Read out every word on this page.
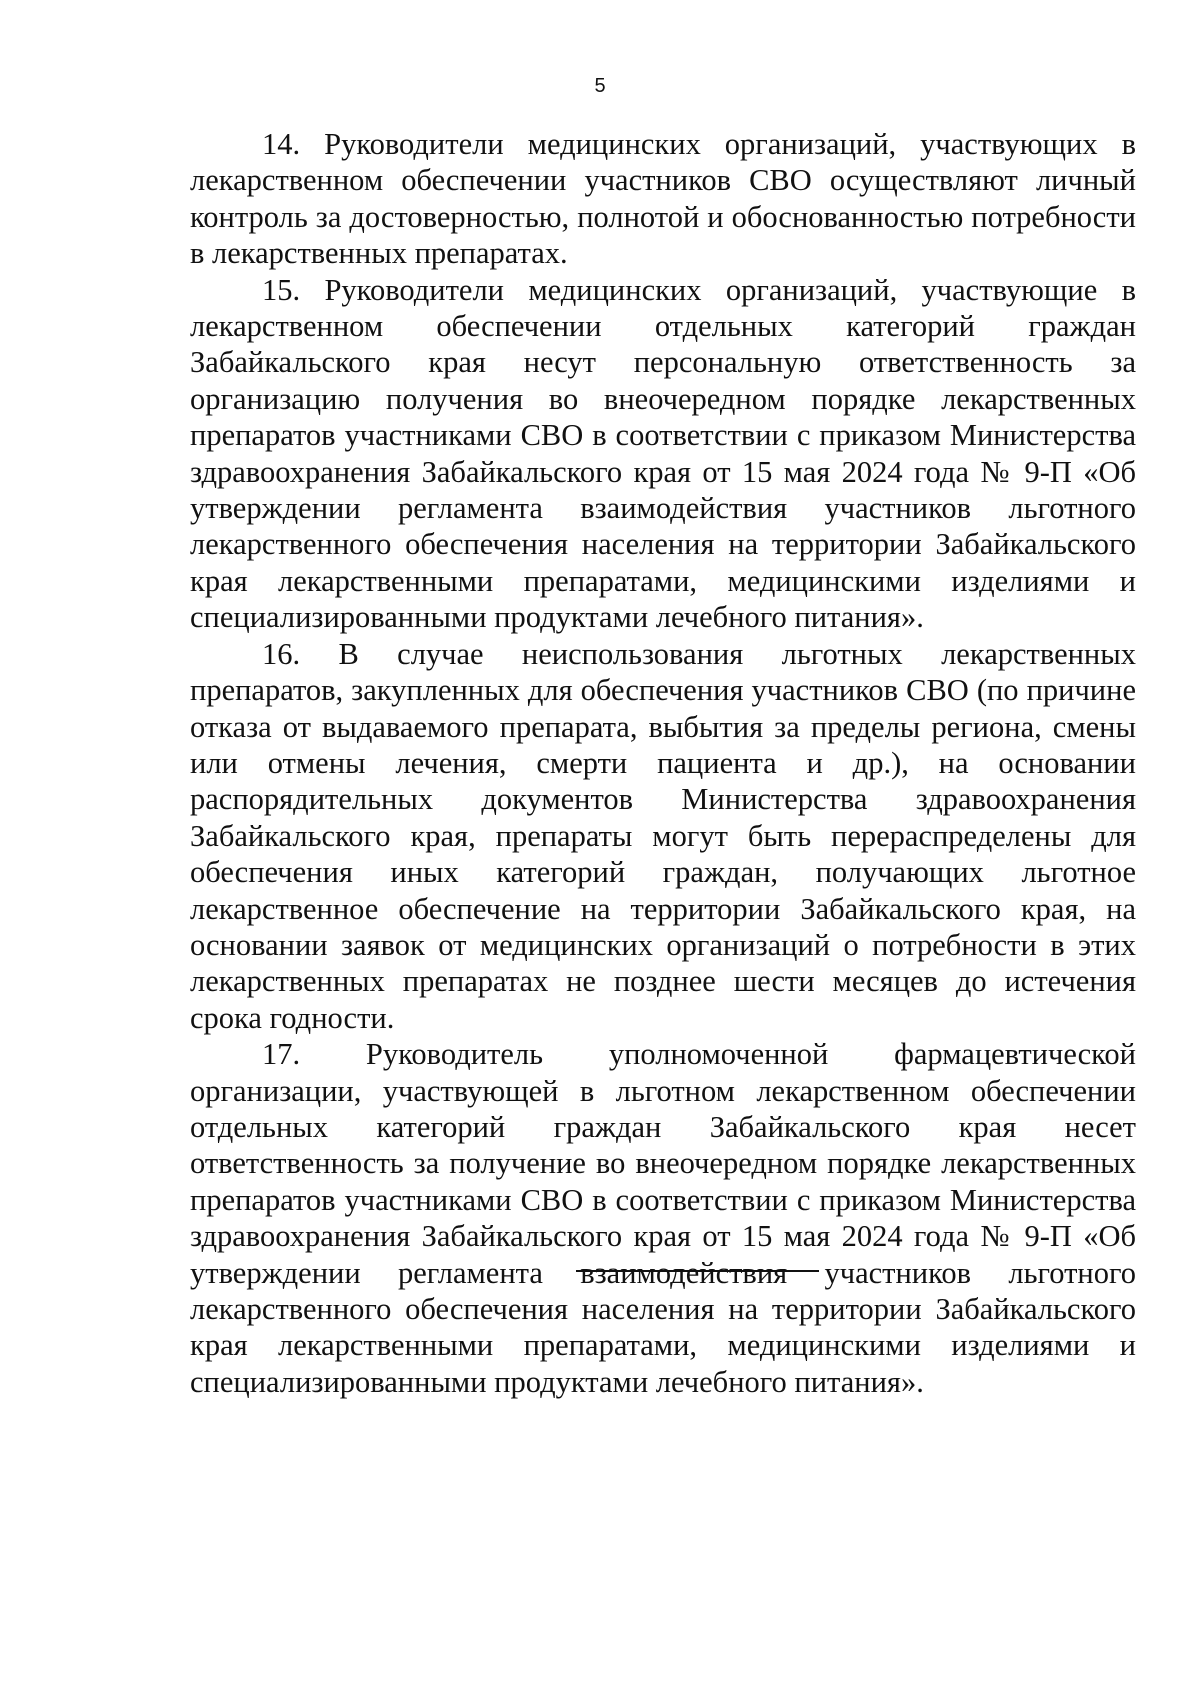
5

14. Руководители медицинских организаций, участвующих в лекарственном обеспечении участников СВО осуществляют личный контроль за достоверностью, полнотой и обоснованностью потребности в лекарственных препаратах.

15. Руководители медицинских организаций, участвующие в лекарственном обеспечении отдельных категорий граждан Забайкальского края несут персональную ответственность за организацию получения во внеочередном порядке лекарственных препаратов участниками СВО в соответствии с приказом Министерства здравоохранения Забайкальского края от 15 мая 2024 года № 9-П «Об утверждении регламента взаимодействия участников льготного лекарственного обеспечения населения на территории Забайкальского края лекарственными препаратами, медицинскими изделиями и специализированными продуктами лечебного питания».

16. В случае неиспользования льготных лекарственных препаратов, закупленных для обеспечения участников СВО (по причине отказа от выдаваемого препарата, выбытия за пределы региона, смены или отмены лечения, смерти пациента и др.), на основании распорядительных документов Министерства здравоохранения Забайкальского края, препараты могут быть перераспределены для обеспечения иных категорий граждан, получающих льготное лекарственное обеспечение на территории Забайкальского края, на основании заявок от медицинских организаций о потребности в этих лекарственных препаратах не позднее шести месяцев до истечения срока годности.

17. Руководитель уполномоченной фармацевтической организации, участвующей в льготном лекарственном обеспечении отдельных категорий граждан Забайкальского края несет ответственность за получение во внеочередном порядке лекарственных препаратов участниками СВО в соответствии с приказом Министерства здравоохранения Забайкальского края от 15 мая 2024 года № 9-П «Об утверждении регламента взаимодействия участников льготного лекарственного обеспечения населения на территории Забайкальского края лекарственными препаратами, медицинскими изделиями и специализированными продуктами лечебного питания».
